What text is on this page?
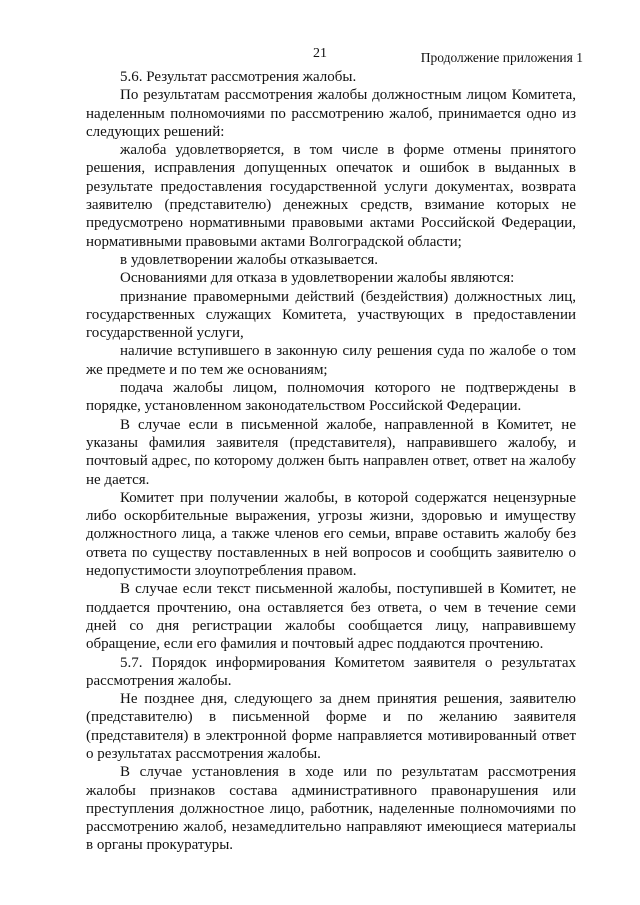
21	Продолжение приложения 1

5.6. Результат рассмотрения жалобы.

По результатам рассмотрения жалобы должностным лицом Комитета, наделенным полномочиями по рассмотрению жалоб, принимается одно из следующих решений:

жалоба удовлетворяется, в том числе в форме отмены принятого решения, исправления допущенных опечаток и ошибок в выданных в результате предоставления государственной услуги документах, возврата заявителю (представителю) денежных средств, взимание которых не предусмотрено нормативными правовыми актами Российской Федерации, нормативными правовыми актами Волгоградской области;

в удовлетворении жалобы отказывается.

Основаниями для отказа в удовлетворении жалобы являются:

признание правомерными действий (бездействия) должностных лиц, государственных служащих Комитета, участвующих в предоставлении государственной услуги,

наличие вступившего в законную силу решения суда по жалобе о том же предмете и по тем же основаниям;

подача жалобы лицом, полномочия которого не подтверждены в порядке, установленном законодательством Российской Федерации.

В случае если в письменной жалобе, направленной в Комитет, не указаны фамилия заявителя (представителя), направившего жалобу, и почтовый адрес, по которому должен быть направлен ответ, ответ на жалобу не дается.

Комитет при получении жалобы, в которой содержатся нецензурные либо оскорбительные выражения, угрозы жизни, здоровью и имуществу должностного лица, а также членов его семьи, вправе оставить жалобу без ответа по существу поставленных в ней вопросов и сообщить заявителю о недопустимости злоупотребления правом.

В случае если текст письменной жалобы, поступившей в Комитет, не поддается прочтению, она оставляется без ответа, о чем в течение семи дней со дня регистрации жалобы сообщается лицу, направившему обращение, если его фамилия и почтовый адрес поддаются прочтению.

5.7. Порядок информирования Комитетом заявителя о результатах рассмотрения жалобы.

Не позднее дня, следующего за днем принятия решения, заявителю (представителю) в письменной форме и по желанию заявителя (представителя) в электронной форме направляется мотивированный ответ о результатах рассмотрения жалобы.

В случае установления в ходе или по результатам рассмотрения жалобы признаков состава административного правонарушения или преступления должностное лицо, работник, наделенные полномочиями по рассмотрению жалоб, незамедлительно направляют имеющиеся материалы в органы прокуратуры.
